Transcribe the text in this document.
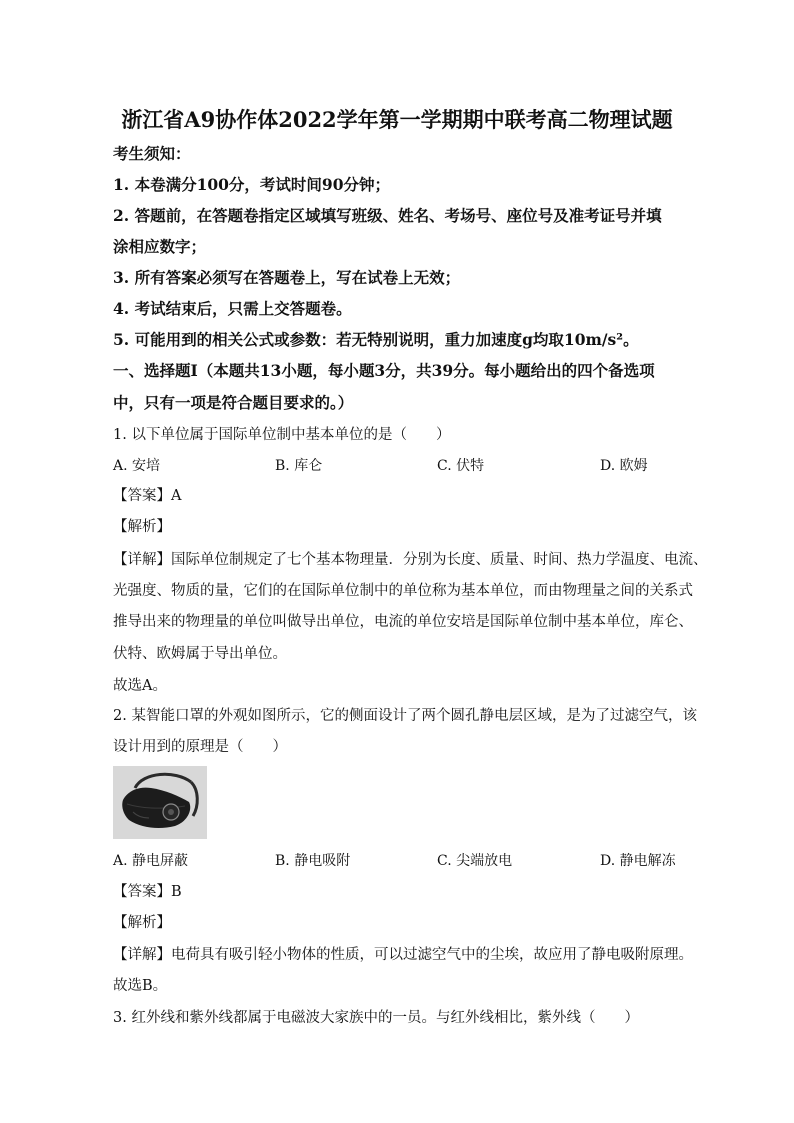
浙江省A9协作体2022学年第一学期期中联考高二物理试题
考生须知：
1. 本卷满分100分，考试时间90分钟；
2. 答题前，在答题卷指定区域填写班级、姓名、考场号、座位号及准考证号并填
涂相应数字；
3. 所有答案必须写在答题卷上，写在试卷上无效；
4. 考试结束后，只需上交答题卷。
5. 可能用到的相关公式或参数：若无特别说明，重力加速度g均取10m/s²。
一、选择题Ⅰ（本题共13小题，每小题3分，共39分。每小题给出的四个备选项
中，只有一项是符合题目要求的。）
1. 以下单位属于国际单位制中基本单位的是（　　）
A. 安培	B. 库仑	C. 伏特	D. 欧姆
【答案】A
【解析】
【详解】国际单位制规定了七个基本物理量．分别为长度、质量、时间、热力学温度、电流、
光强度、物质的量，它们的在国际单位制中的单位称为基本单位，而由物理量之间的关系式
推导出来的物理量的单位叫做导出单位，电流的单位安培是国际单位制中基本单位，库仑、
伏特、欧姆属于导出单位。
故选A。
2. 某智能口罩的外观如图所示，它的侧面设计了两个圆孔静电层区域，是为了过滤空气，该
设计用到的原理是（　　）
A. 静电屏蔽	B. 静电吸附	C. 尖端放电	D. 静电解冻
【答案】B
【解析】
【详解】电荷具有吸引轻小物体的性质，可以过滤空气中的尘埃，故应用了静电吸附原理。
故选B。
3. 红外线和紫外线都属于电磁波大家族中的一员。与红外线相比，紫外线（　　）
